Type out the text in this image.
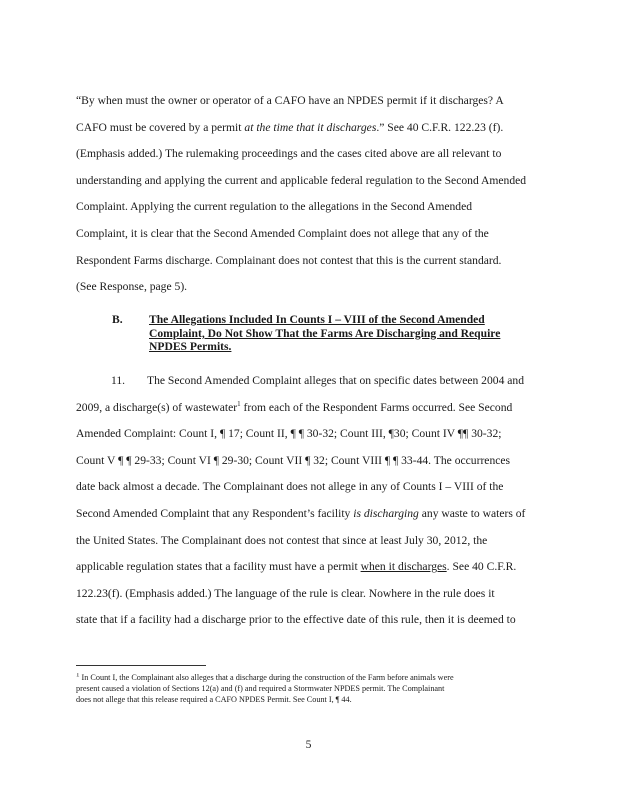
“By when must the owner or operator of a CAFO have an NPDES permit if it discharges? A
CAFO must be covered by a permit at the time that it discharges.” See 40 C.F.R. 122.23 (f).
(Emphasis added.) The rulemaking proceedings and the cases cited above are all relevant to
understanding and applying the current and applicable federal regulation to the Second Amended
Complaint. Applying the current regulation to the allegations in the Second Amended
Complaint, it is clear that the Second Amended Complaint does not allege that any of the
Respondent Farms discharge. Complainant does not contest that this is the current standard.
(See Response, page 5).
B. The Allegations Included In Counts I – VIII of the Second Amended
Complaint, Do Not Show That the Farms Are Discharging and Require
NPDES Permits.
11. The Second Amended Complaint alleges that on specific dates between 2004 and
2009, a discharge(s) of wastewater$^1$ from each of the Respondent Farms occurred. See Second
Amended Complaint: Count I, ¶ 17; Count II, ¶ ¶ 30-32; Count III, ¶30; Count IV ¶¶ 30-32;
Count V ¶ ¶ 29-33; Count VI ¶ 29-30; Count VII ¶ 32; Count VIII ¶ ¶ 33-44. The occurrences
date back almost a decade. The Complainant does not allege in any of Counts I – VIII of the
Second Amended Complaint that any Respondent’s facility is discharging any waste to waters of
the United States. The Complainant does not contest that since at least July 30, 2012, the
applicable regulation states that a facility must have a permit when it discharges. See 40 C.F.R.
122.23(f). (Emphasis added.) The language of the rule is clear. Nowhere in the rule does it
state that if a facility had a discharge prior to the effective date of this rule, then it is deemed to
$^1$ In Count I, the Complainant also alleges that a discharge during the construction of the Farm before animals were
present caused a violation of Sections 12(a) and (f) and required a Stormwater NPDES permit. The Complainant
does not allege that this release required a CAFO NPDES Permit. See Count I, ¶ 44.
5
